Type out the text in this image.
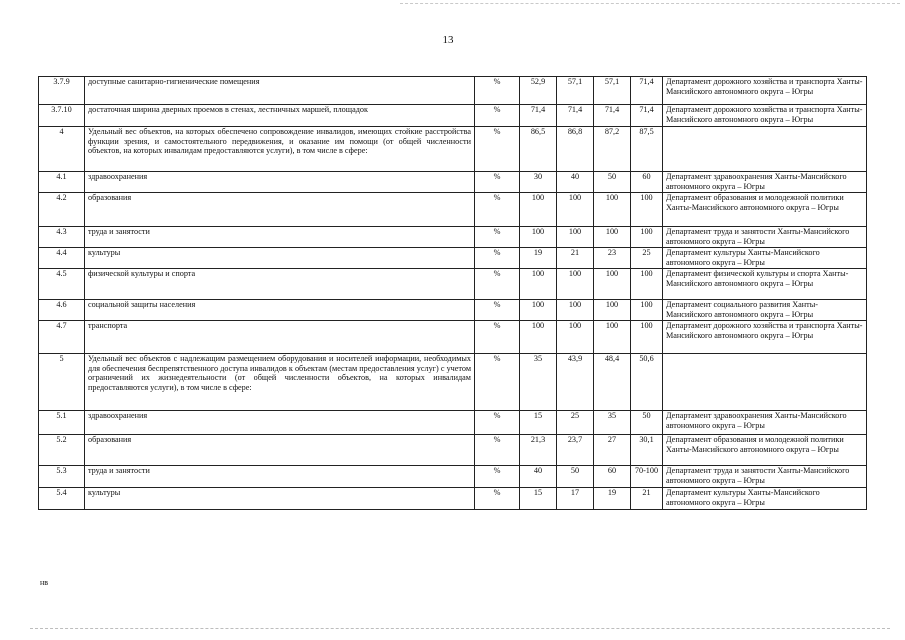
13
3.7.9	доступные санитарно-гигиенические помещения	%	52,9	57,1	57,1	71,4	Департамент дорожного хозяйства и транспорта Ханты-Мансийского автономного округа – Югры
3.7.10	достаточная ширина дверных проемов в стенах, лестничных маршей, площадок	%	71,4	71,4	71,4	71,4	Департамент дорожного хозяйства и транспорта Ханты-Мансийского автономного округа – Югры
4	Удельный вес объектов, на которых обеспечено сопровождение инвалидов, имеющих стойкие расстройства функции зрения, и самостоятельного передвижения, и оказание им помощи (от общей численности объектов, на которых инвалидам предоставляются услуги), в том числе в сфере:	%	86,5	86,8	87,2	87,5	
4.1	здравоохранения	%	30	40	50	60	Департамент здравоохранения Ханты-Мансийского автономного округа – Югры
4.2	образования	%	100	100	100	100	Департамент образования и молодежной политики Ханты-Мансийского автономного округа – Югры
4.3	труда и занятости	%	100	100	100	100	Департамент труда и занятости Ханты-Мансийского автономного округа – Югры
4.4	культуры	%	19	21	23	25	Департамент культуры Ханты-Мансийского автономного округа – Югры
4.5	физической культуры и спорта	%	100	100	100	100	Департамент физической культуры и спорта Ханты-Мансийского автономного округа – Югры
4.6	социальной защиты населения	%	100	100	100	100	Департамент социального развития Ханты-Мансийского автономного округа – Югры
4.7	транспорта	%	100	100	100	100	Департамент дорожного хозяйства и транспорта Ханты-Мансийского автономного округа – Югры
5	Удельный вес объектов с надлежащим размещением оборудования и носителей информации, необходимых для обеспечения беспрепятственного доступа инвалидов к объектам (местам предоставления услуг) с учетом ограничений их жизнедеятельности (от общей численности объектов, на которых инвалидам предоставляются услуги), в том числе в сфере:	%	35	43,9	48,4	50,6	
5.1	здравоохранения	%	15	25	35	50	Департамент здравоохранения Ханты-Мансийского автономного округа – Югры
5.2	образования	%	21,3	23,7	27	30,1	Департамент образования и молодежной политики Ханты-Мансийского автономного округа – Югры
5.3	труда и занятости	%	40	50	60	70-100	Департамент труда и занятости Ханты-Мансийского автономного округа – Югры
5.4	культуры	%	15	17	19	21	Департамент культуры Ханты-Мансийского автономного округа – Югры
нв
